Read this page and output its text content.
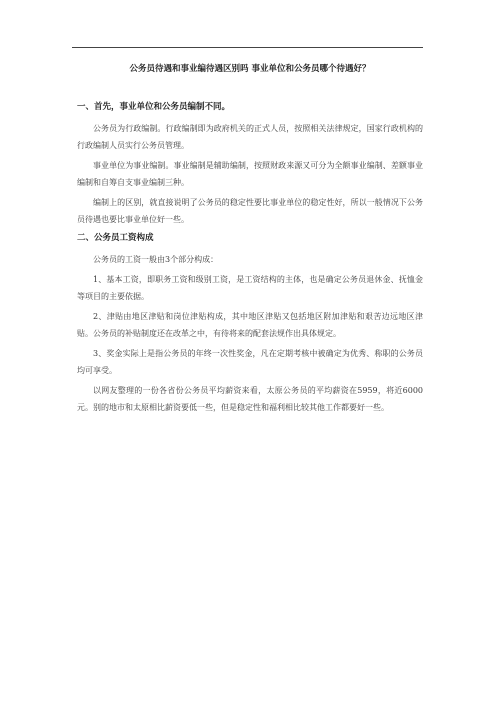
公务员待遇和事业编待遇区别吗 事业单位和公务员哪个待遇好？
一、首先，事业单位和公务员编制不同。

公务员为行政编制。行政编制即为政府机关的正式人员，按照相关法律规定，国家行政机构的行政编制人员实行公务员管理。

事业单位为事业编制。事业编制是辅助编制，按照财政来源又可分为全额事业编制、差额事业编制和自筹自支事业编制三种。

编制上的区别，就直接说明了公务员的稳定性要比事业单位的稳定性好，所以一般情况下公务员待遇也要比事业单位好一些。

二、公务员工资构成

公务员的工资一般由3个部分构成：

1、基本工资，即职务工资和级别工资，是工资结构的主体，也是确定公务员退休金、抚恤金等项目的主要依据。

2、津贴由地区津贴和岗位津贴构成，其中地区津贴又包括地区附加津贴和艰苦边远地区津贴。公务员的补贴制度还在改革之中，有待将来的配套法规作出具体规定。

3、奖金实际上是指公务员的年终一次性奖金，凡在定期考核中被确定为优秀、称职的公务员均可享受。

以网友整理的一份各省份公务员平均薪资来看，太原公务员的平均薪资在5959，将近6000元。别的地市和太原相比薪资要低一些，但是稳定性和福利相比较其他工作都要好一些。
